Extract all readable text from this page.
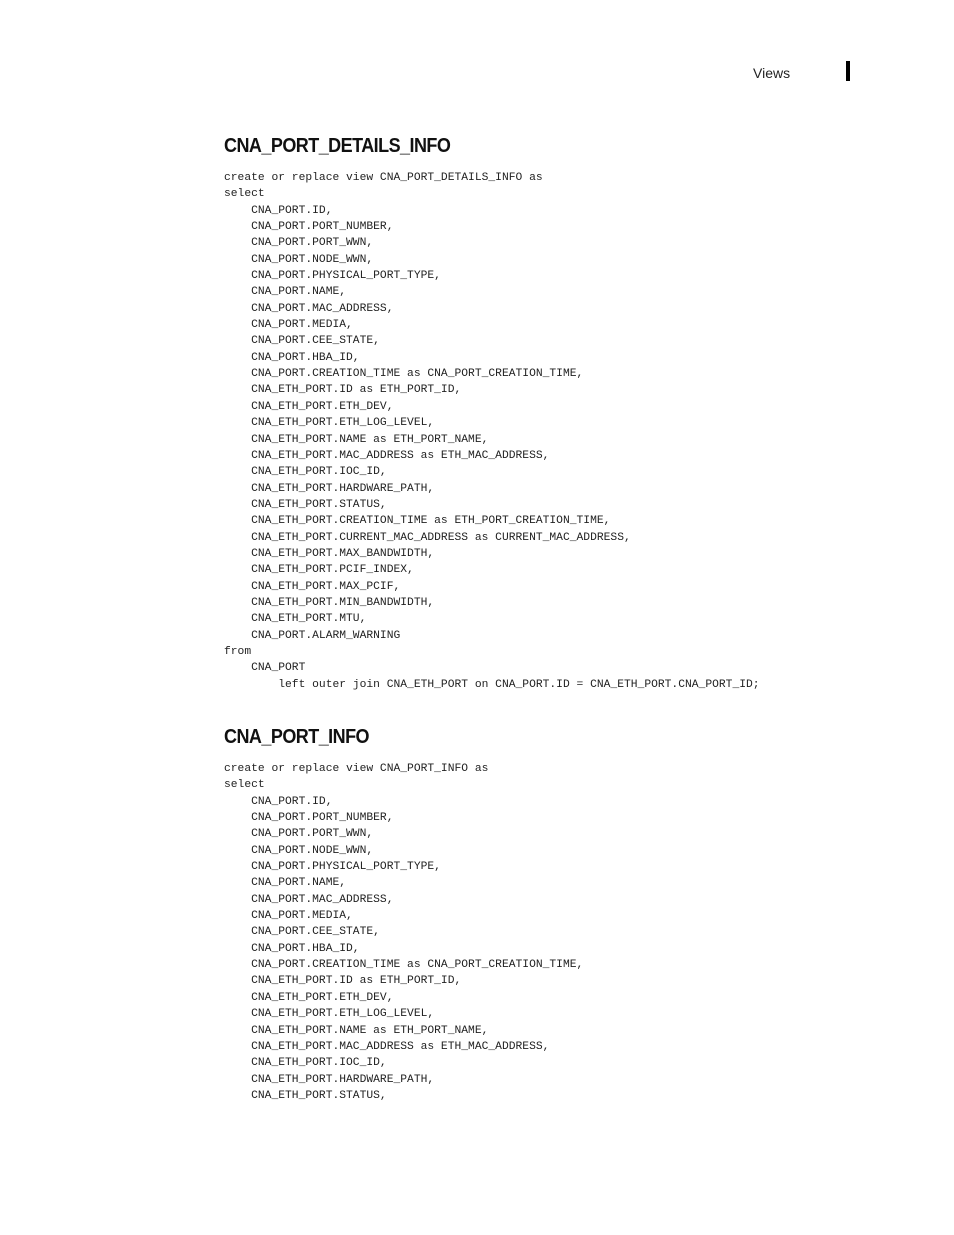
Views
CNA_PORT_DETAILS_INFO
create or replace view CNA_PORT_DETAILS_INFO as
select
CNA_PORT.ID,
CNA_PORT.PORT_NUMBER,
CNA_PORT.PORT_WWN,
CNA_PORT.NODE_WWN,
CNA_PORT.PHYSICAL_PORT_TYPE,
CNA_PORT.NAME,
CNA_PORT.MAC_ADDRESS,
CNA_PORT.MEDIA,
CNA_PORT.CEE_STATE,
CNA_PORT.HBA_ID,
CNA_PORT.CREATION_TIME as CNA_PORT_CREATION_TIME,
CNA_ETH_PORT.ID as ETH_PORT_ID,
CNA_ETH_PORT.ETH_DEV,
CNA_ETH_PORT.ETH_LOG_LEVEL,
CNA_ETH_PORT.NAME as ETH_PORT_NAME,
CNA_ETH_PORT.MAC_ADDRESS as ETH_MAC_ADDRESS,
CNA_ETH_PORT.IOC_ID,
CNA_ETH_PORT.HARDWARE_PATH,
CNA_ETH_PORT.STATUS,
CNA_ETH_PORT.CREATION_TIME as ETH_PORT_CREATION_TIME,
CNA_ETH_PORT.CURRENT_MAC_ADDRESS as CURRENT_MAC_ADDRESS,
CNA_ETH_PORT.MAX_BANDWIDTH,
CNA_ETH_PORT.PCIF_INDEX,
CNA_ETH_PORT.MAX_PCIF,
CNA_ETH_PORT.MIN_BANDWIDTH,
CNA_ETH_PORT.MTU,
CNA_PORT.ALARM_WARNING
from
CNA_PORT
left outer join CNA_ETH_PORT on CNA_PORT.ID = CNA_ETH_PORT.CNA_PORT_ID;
CNA_PORT_INFO
create or replace view CNA_PORT_INFO as
select
CNA_PORT.ID,
CNA_PORT.PORT_NUMBER,
CNA_PORT.PORT_WWN,
CNA_PORT.NODE_WWN,
CNA_PORT.PHYSICAL_PORT_TYPE,
CNA_PORT.NAME,
CNA_PORT.MAC_ADDRESS,
CNA_PORT.MEDIA,
CNA_PORT.CEE_STATE,
CNA_PORT.HBA_ID,
CNA_PORT.CREATION_TIME as CNA_PORT_CREATION_TIME,
CNA_ETH_PORT.ID as ETH_PORT_ID,
CNA_ETH_PORT.ETH_DEV,
CNA_ETH_PORT.ETH_LOG_LEVEL,
CNA_ETH_PORT.NAME as ETH_PORT_NAME,
CNA_ETH_PORT.MAC_ADDRESS as ETH_MAC_ADDRESS,
CNA_ETH_PORT.IOC_ID,
CNA_ETH_PORT.HARDWARE_PATH,
CNA_ETH_PORT.STATUS,
